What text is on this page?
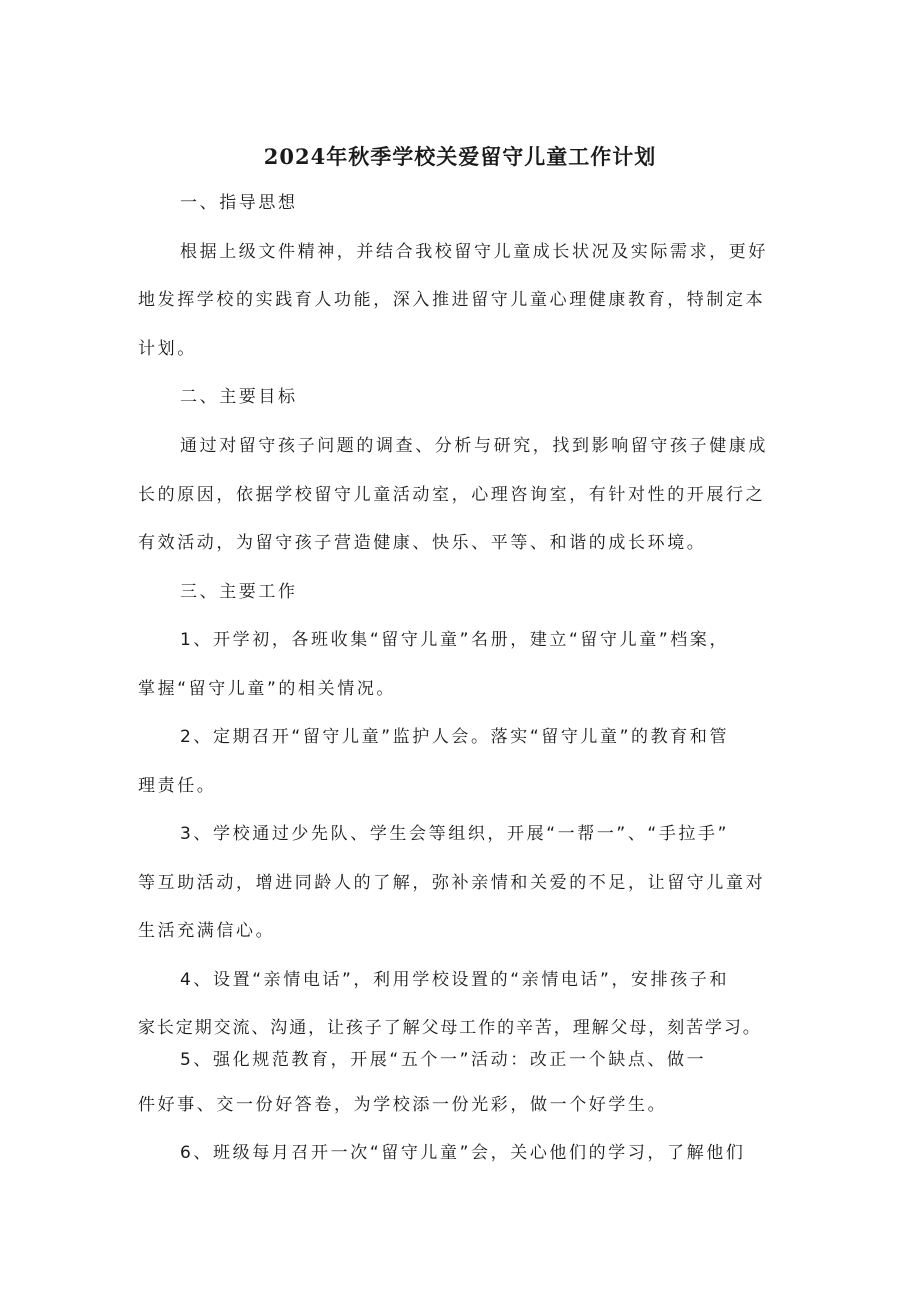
2024年秋季学校关爱留守儿童工作计划
一、指导思想
根据上级文件精神，并结合我校留守儿童成长状况及实际需求，更好
地发挥学校的实践育人功能，深入推进留守儿童心理健康教育，特制定本
计划。
二、主要目标
通过对留守孩子问题的调查、分析与研究，找到影响留守孩子健康成
长的原因，依据学校留守儿童活动室，心理咨询室，有针对性的开展行之
有效活动，为留守孩子营造健康、快乐、平等、和谐的成长环境。
三、主要工作
1、开学初，各班收集“留守儿童”名册，建立“留守儿童”档案，
掌握“留守儿童”的相关情况。
2、定期召开“留守儿童”监护人会。落实“留守儿童”的教育和管
理责任。
3、学校通过少先队、学生会等组织，开展“一帮一”、“手拉手”
等互助活动，增进同龄人的了解，弥补亲情和关爱的不足，让留守儿童对
生活充满信心。
4、设置“亲情电话”，利用学校设置的“亲情电话”，安排孩子和
家长定期交流、沟通，让孩子了解父母工作的辛苦，理解父母，刻苦学习。
5、强化规范教育，开展“五个一”活动：改正一个缺点、做一
件好事、交一份好答卷，为学校添一份光彩，做一个好学生。
6、班级每月召开一次“留守儿童”会，关心他们的学习，了解他们
